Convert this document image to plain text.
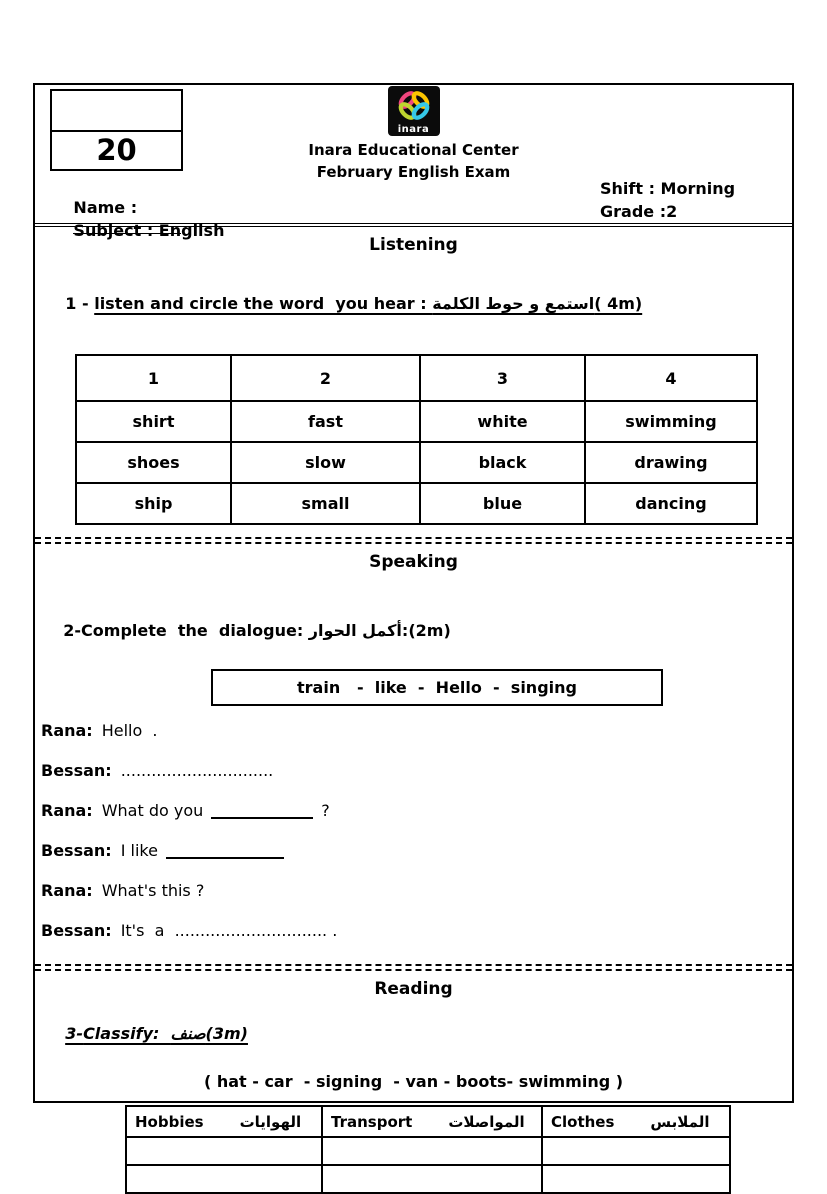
20
inara
Inara Educational Center
February English Exam

Name :

Shift : Morning

Subject : English

Grade :2

Listening

1 - listen and circle the word  you hear : استمع و حوط الكلمة( 4m)

1	2	3	4
shirt	fast	white	swimming
shoes	slow	black	drawing
ship	small	blue	dancing
Speaking

2-Complete  the  dialogue: أكمل الحوار:(2m)

train   -  like  -  Hello  -  singing
Rana: Hello  .
Bessan: ..............................
Rana: What do you	?
Bessan: I like
Rana: What's this ?
Bessan: It's  a  .............................. .
Reading

3-Classify:  صنف(3m)

( hat - car  - signing  - van - boots- swimming )
Hobbies الهوايات	Transport المواصلات	Clothes الملابس
